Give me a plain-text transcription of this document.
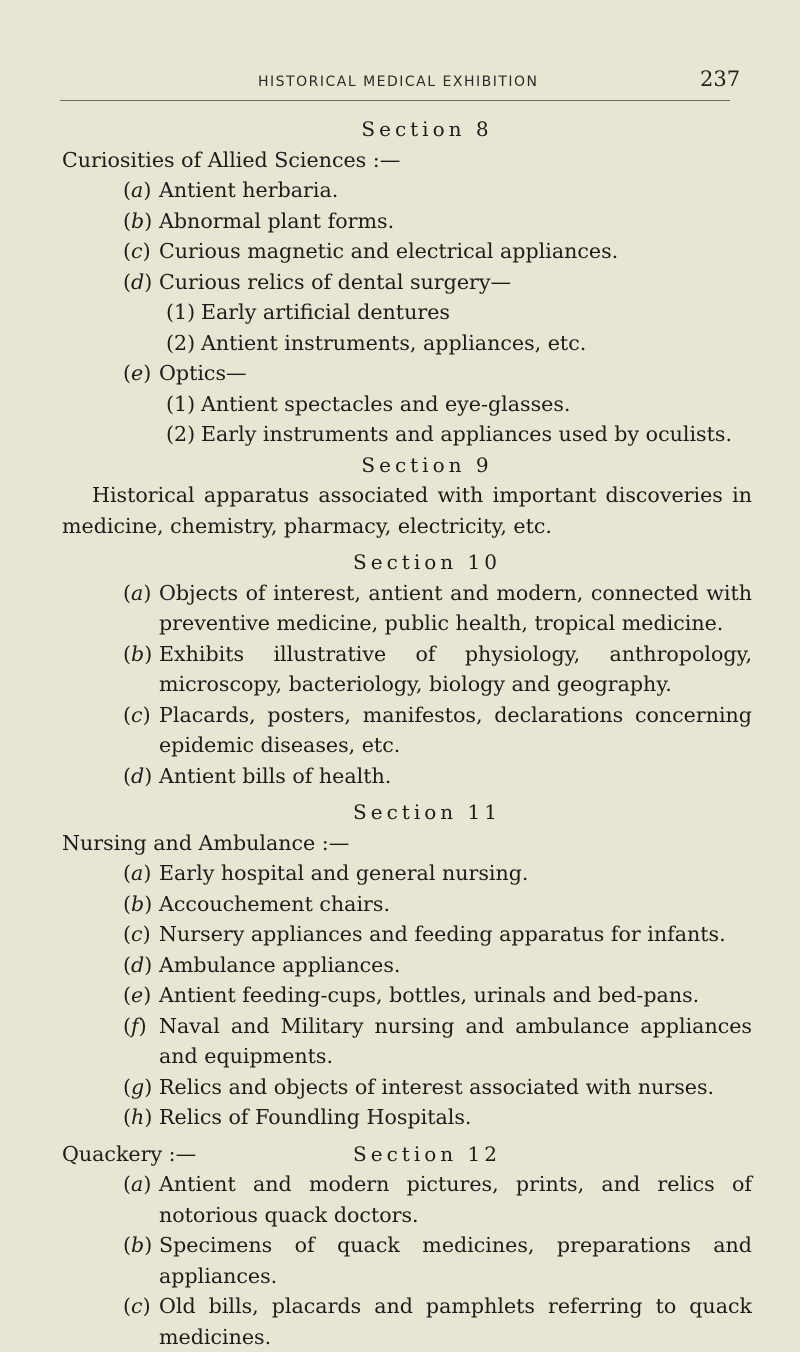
HISTORICAL MEDICAL EXHIBITION	237
Section 8

Curiosities of Allied Sciences :—

(a) Antient herbaria.
(b) Abnormal plant forms.
(c) Curious magnetic and electrical appliances.
(d) Curious relics of dental surgery—
(1) Early artificial dentures
(2) Antient instruments, appliances, etc.
(e) Optics—
(1) Antient spectacles and eye-glasses.
(2) Early instruments and appliances used by oculists.
Section 9

Historical apparatus associated with important discoveries in medicine, chemistry, pharmacy, electricity, etc.

Section 10
(a) Objects of interest, antient and modern, connected with preventive medicine, public health, tropical medicine.
(b) Exhibits illustrative of physiology, anthropology, microscopy, bacteriology, biology and geography.
(c) Placards, posters, manifestos, declarations concerning epidemic diseases, etc.
(d) Antient bills of health.
Section 11

Nursing and Ambulance :—

(a) Early hospital and general nursing.
(b) Accouchement chairs.
(c) Nursery appliances and feeding apparatus for infants.
(d) Ambulance appliances.
(e) Antient feeding-cups, bottles, urinals and bed-pans.
(f) Naval and Military nursing and ambulance appliances and equipments.
(g) Relics and objects of interest associated with nurses.
(h) Relics of Foundling Hospitals.
Quackery :—	Section 12
(a) Antient and modern pictures, prints, and relics of notorious quack doctors.
(b) Specimens of quack medicines, preparations and appliances.
(c) Old bills, placards and pamphlets referring to quack medicines.
